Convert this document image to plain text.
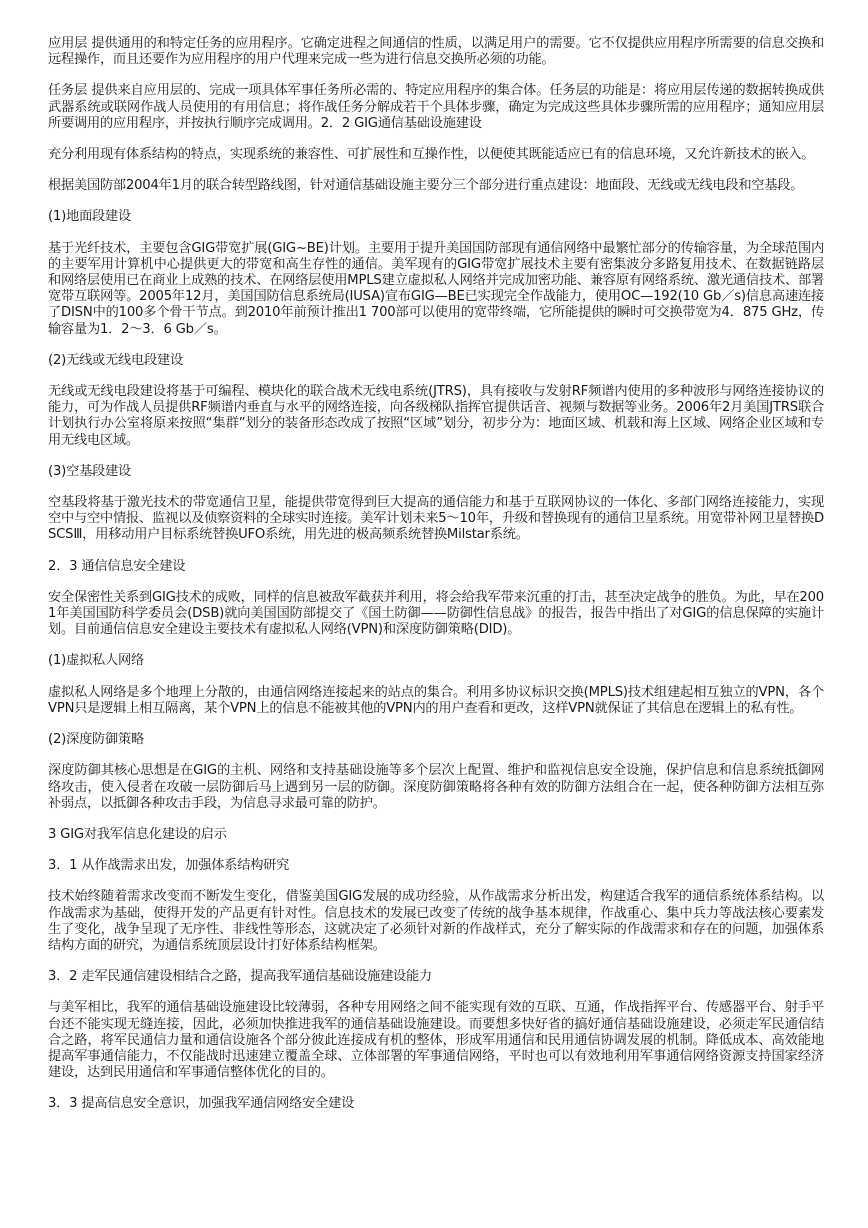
应用层 提供通用的和特定任务的应用程序。它确定进程之间通信的性质，以满足用户的需要。它不仅提供应用程序所需要的信息交换和远程操作，而且还要作为应用程序的用户代理来完成一些为进行信息交换所必须的功能。

任务层 提供来自应用层的、完成一项具体军事任务所必需的、特定应用程序的集合体。任务层的功能是：将应用层传递的数据转换成供武器系统或联网作战人员使用的有用信息；将作战任务分解成若干个具体步骤，确定为完成这些具体步骤所需的应用程序；通知应用层所要调用的应用程序，并按执行顺序完成调用。2．2 GIG通信基础设施建设

充分利用现有体系结构的特点，实现系统的兼容性、可扩展性和互操作性，以便使其既能适应已有的信息环境，又允许新技术的嵌入。

根据美国防部2004年1月的联合转型路线图，针对通信基础设施主要分三个部分进行重点建设：地面段、无线或无线电段和空基段。

(1)地面段建设

基于光纤技术，主要包含GIG带宽扩展(GIG~BE)计划。主要用于提升美国国防部现有通信网络中最繁忙部分的传输容量，为全球范围内的主要军用计算机中心提供更大的带宽和高生存性的通信。美军现有的GIG带宽扩展技术主要有密集波分多路复用技术、在数据链路层和网络层使用已在商业上成熟的技术、在网络层使用MPLS建立虚拟私人网络并完成加密功能、兼容原有网络系统、激光通信技术、部署宽带互联网等。2005年12月，美国国防信息系统局(IUSA)宣布GIG—BE已实现完全作战能力，使用OC—192(10 Gb／s)信息高速连接了DISN中的100多个骨干节点。到2010年前预计推出1 700部可以使用的宽带终端，它所能提供的瞬时可交换带宽为4．875 GHz，传输容量为1．2～3．6 Gb／s。

(2)无线或无线电段建设

无线或无线电段建设将基于可编程、模块化的联合战术无线电系统(JTRS)，具有接收与发射RF频谱内使用的多种波形与网络连接协议的能力，可为作战人员提供RF频谱内垂直与水平的网络连接，向各级梯队指挥官提供话音、视频与数据等业务。2006年2月美国JTRS联合计划执行办公室将原来按照“集群”划分的装备形态改成了按照“区域”划分，初步分为：地面区域、机载和海上区域、网络企业区域和专用无线电区域。

(3)空基段建设

空基段将基于激光技术的带宽通信卫星，能提供带宽得到巨大提高的通信能力和基于互联网协议的一体化、多部门网络连接能力，实现空中与空中情报、监视以及侦察资料的全球实时连接。美军计划未来5～10年，升级和替换现有的通信卫星系统。用宽带补网卫星替换DSCSⅢ，用移动用户目标系统替换UFO系统，用先进的极高频系统替换Milstar系统。

2．3 通信信息安全建设

安全保密性关系到GIG技术的成败，同样的信息被敌军截获并利用，将会给我军带来沉重的打击，甚至决定战争的胜负。为此，早在2001年美国国防科学委员会(DSB)就向美国国防部提交了《国土防御——防御性信息战》的报告，报告中指出了对GIG的信息保障的实施计划。目前通信信息安全建设主要技术有虚拟私人网络(VPN)和深度防御策略(DID)。

(1)虚拟私人网络

虚拟私人网络是多个地理上分散的，由通信网络连接起来的站点的集合。利用多协议标识交换(MPLS)技术组建起相互独立的VPN，各个VPN只是逻辑上相互隔离，某个VPN上的信息不能被其他的VPN内的用户查看和更改，这样VPN就保证了其信息在逻辑上的私有性。

(2)深度防御策略

深度防御其核心思想是在GIG的主机、网络和支持基础设施等多个层次上配置、维护和监视信息安全设施，保护信息和信息系统抵御网络攻击，使入侵者在攻破一层防御后马上遇到另一层的防御。深度防御策略将各种有效的防御方法组合在一起，使各种防御方法相互弥补弱点，以抵御各种攻击手段，为信息寻求最可靠的防护。

3 GIG对我军信息化建设的启示

3．1 从作战需求出发，加强体系结构研究

技术始终随着需求改变而不断发生变化，借鉴美国GIG发展的成功经验，从作战需求分析出发，构建适合我军的通信系统体系结构。以作战需求为基础，使得开发的产品更有针对性。信息技术的发展已改变了传统的战争基本规律，作战重心、集中兵力等战法核心要素发生了变化，战争呈现了无序性、非线性等形态，这就决定了必须针对新的作战样式，充分了解实际的作战需求和存在的问题，加强体系结构方面的研究，为通信系统顶层设计打好体系结构框架。

3．2 走军民通信建设相结合之路，提高我军通信基础设施建设能力

与美军相比，我军的通信基础设施建设比较薄弱，各种专用网络之间不能实现有效的互联、互通，作战指挥平台、传感器平台、射手平台还不能实现无缝连接，因此，必须加快推进我军的通信基础设施建设。而要想多快好省的搞好通信基础设施建设，必须走军民通信结合之路，将军民通信力量和通信设施各个部分彼此连接成有机的整体，形成军用通信和民用通信协调发展的机制。降低成本、高效能地提高军事通信能力，不仅能战时迅速建立覆盖全球、立体部署的军事通信网络，平时也可以有效地利用军事通信网络资源支持国家经济建设，达到民用通信和军事通信整体优化的目的。

3．3 提高信息安全意识，加强我军通信网络安全建设
